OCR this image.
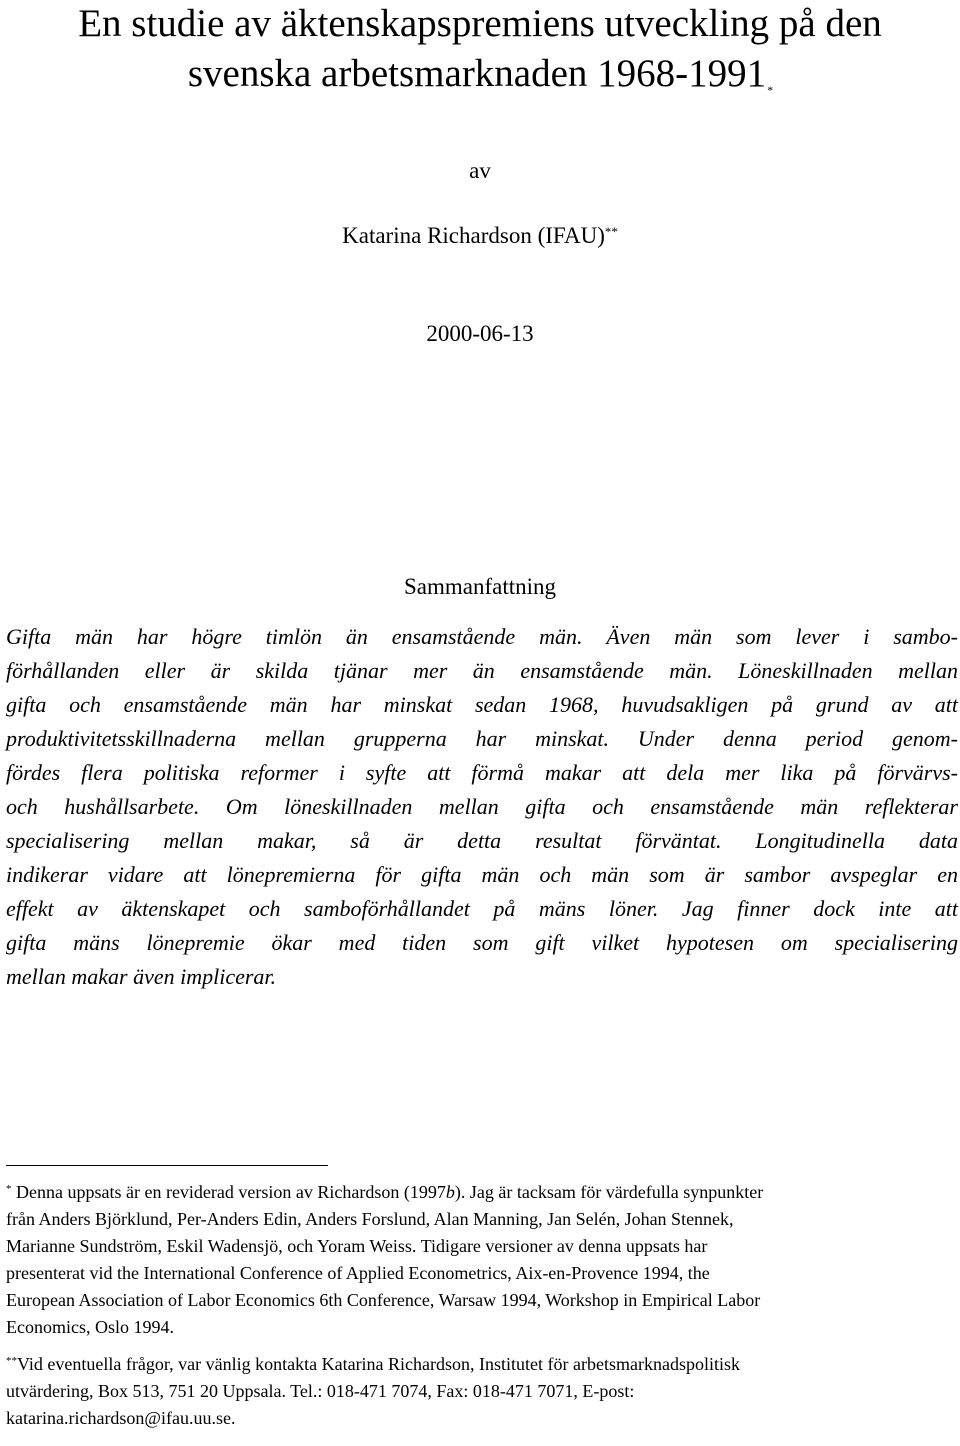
En studie av äktenskapspremiens utveckling på den
svenska arbetsmarknaden 1968-1991*
av
Katarina Richardson (IFAU)**
2000-06-13
Sammanfattning
Gifta män har högre timlön än ensamstående män. Även män som lever i sambo-
förhållanden eller är skilda tjänar mer än ensamstående män. Löneskillnaden mellan
gifta och ensamstående män har minskat sedan 1968, huvudsakligen på grund av att
produktivitetsskillnaderna mellan grupperna har minskat. Under denna period genom-
fördes flera politiska reformer i syfte att förmå makar att dela mer lika på förvärvs-
och hushållsarbete. Om löneskillnaden mellan gifta och ensamstående män reflekterar
specialisering mellan makar, så är detta resultat förväntat. Longitudinella data
indikerar vidare att lönepremierna för gifta män och män som är sambor avspeglar en
effekt av äktenskapet och samboförhållandet på mäns löner. Jag finner dock inte att
gifta mäns lönepremie ökar med tiden som gift vilket hypotesen om specialisering
mellan makar även implicerar.
* Denna uppsats är en reviderad version av Richardson (1997b). Jag är tacksam för värdefulla synpunkter
från Anders Björklund, Per-Anders Edin, Anders Forslund, Alan Manning, Jan Selén, Johan Stennek,
Marianne Sundström, Eskil Wadensjö, och Yoram Weiss. Tidigare versioner av denna uppsats har
presenterat vid the International Conference of Applied Econometrics, Aix-en-Provence 1994, the
European Association of Labor Economics 6th Conference, Warsaw 1994, Workshop in Empirical Labor
Economics, Oslo 1994.
**Vid eventuella frågor, var vänlig kontakta Katarina Richardson, Institutet för arbetsmarknadspolitisk
utvärdering, Box 513, 751 20 Uppsala. Tel.: 018-471 7074, Fax: 018-471 7071, E-post:
katarina.richardson@ifau.uu.se.
